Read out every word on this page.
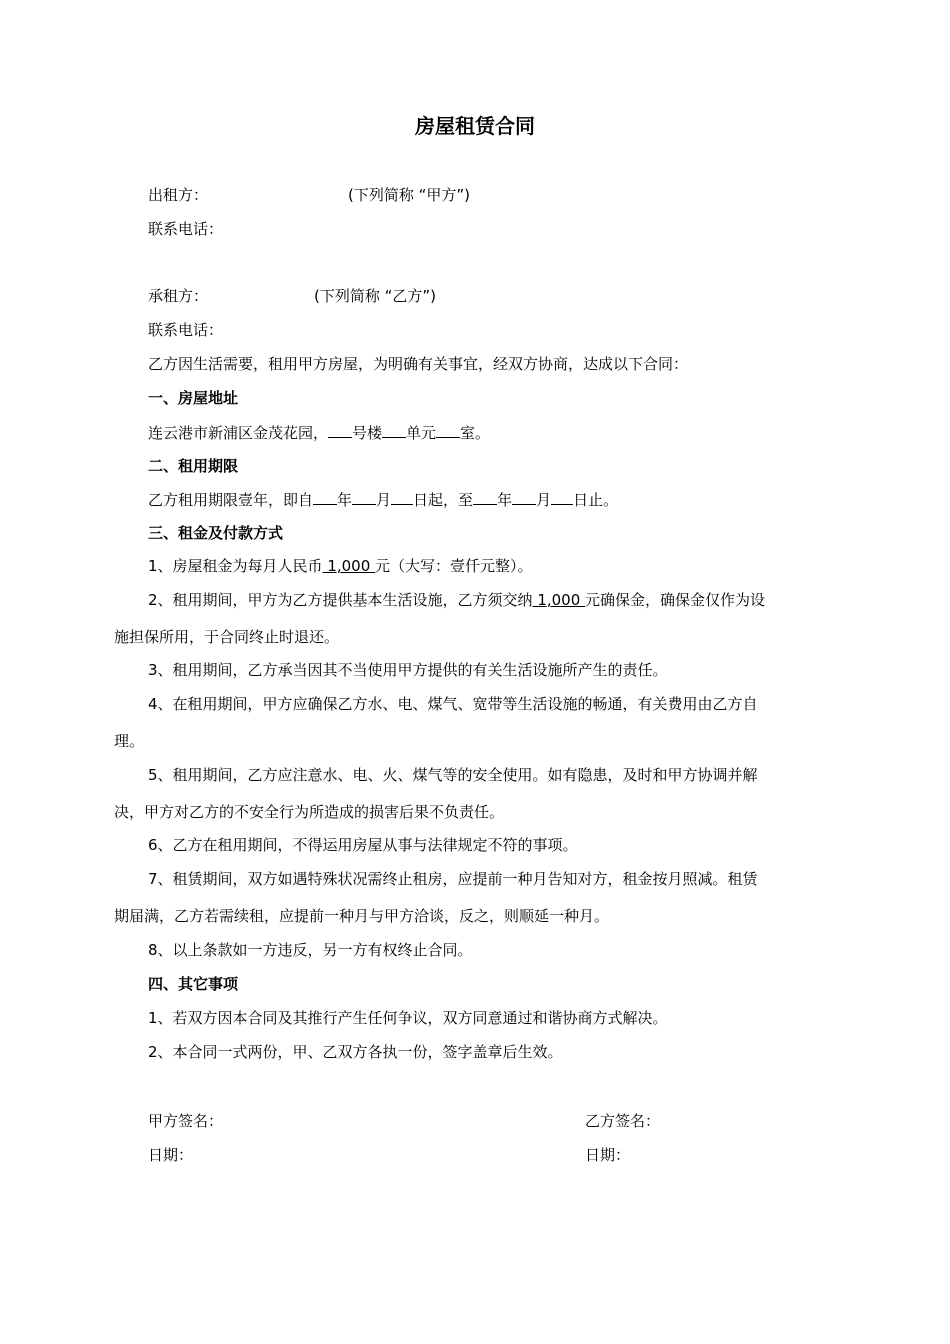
房屋租赁合同
出租方：	(下列简称 “甲方”)
联系电话：
承租方：	(下列简称 “乙方”)
联系电话：
乙方因生活需要，租用甲方房屋，为明确有关事宜，经双方协商，达成以下合同：
一、房屋地址
连云港市新浦区金茂花园， 号楼 单元 室。
二、租用期限
乙方租用期限壹年，即自 年 月 日起，至 年 月 日止。
三、租金及付款方式
1、房屋租金为每月人民币 1,000 元（大写：壹仟元整）。
2、租用期间，甲方为乙方提供基本生活设施，乙方须交纳 1,000 元确保金，确保金仅作为设
施担保所用，于合同终止时退还。
3、租用期间，乙方承当因其不当使用甲方提供的有关生活设施所产生的责任。
4、在租用期间，甲方应确保乙方水、电、煤气、宽带等生活设施的畅通，有关费用由乙方自
理。
5、租用期间，乙方应注意水、电、火、煤气等的安全使用。如有隐患，及时和甲方协调并解
决，甲方对乙方的不安全行为所造成的损害后果不负责任。
6、乙方在租用期间，不得运用房屋从事与法律规定不符的事项。
7、租赁期间，双方如遇特殊状况需终止租房，应提前一种月告知对方，租金按月照减。租赁
期届满，乙方若需续租，应提前一种月与甲方洽谈，反之，则顺延一种月。
8、以上条款如一方违反，另一方有权终止合同。
四、其它事项
1、若双方因本合同及其推行产生任何争议，双方同意通过和谐协商方式解决。
2、本合同一式两份，甲、乙双方各执一份，签字盖章后生效。
甲方签名：
日期：
乙方签名：
日期：
